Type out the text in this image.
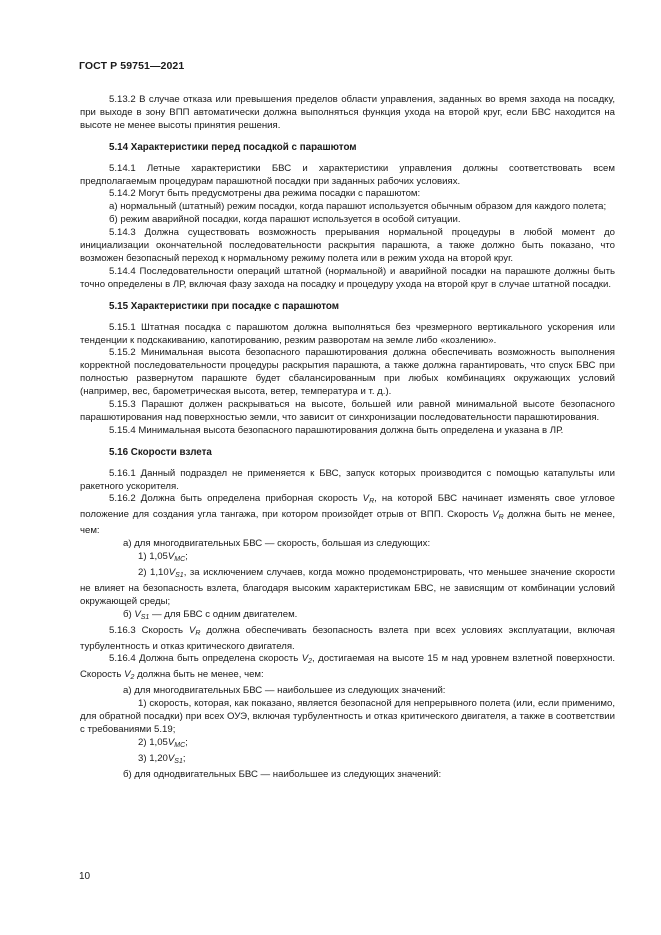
ГОСТ Р 59751—2021

5.13.2 В случае отказа или превышения пределов области управления, заданных во время захода на посадку, при выходе в зону ВПП автоматически должна выполняться функция ухода на второй круг, если БВС находится на высоте не менее высоты принятия решения.

5.14 Характеристики перед посадкой с парашютом

5.14.1 Летные характеристики БВС и характеристики управления должны соответствовать всем предполагаемым процедурам парашютной посадки при заданных рабочих условиях.

5.14.2 Могут быть предусмотрены два режима посадки с парашютом:

а) нормальный (штатный) режим посадки, когда парашют используется обычным образом для каждого полета;

б) режим аварийной посадки, когда парашют используется в особой ситуации.

5.14.3 Должна существовать возможность прерывания нормальной процедуры в любой момент до инициализации окончательной последовательности раскрытия парашюта, а также должно быть показано, что возможен безопасный переход к нормальному режиму полета или в режим ухода на второй круг.

5.14.4 Последовательности операций штатной (нормальной) и аварийной посадки на парашюте должны быть точно определены в ЛР, включая фазу захода на посадку и процедуру ухода на второй круг в случае штатной посадки.

5.15 Характеристики при посадке с парашютом

5.15.1 Штатная посадка с парашютом должна выполняться без чрезмерного вертикального ускорения или тенденции к подскакиванию, капотированию, резким разворотам на земле либо «козлению».

5.15.2 Минимальная высота безопасного парашютирования должна обеспечивать возможность выполнения корректной последовательности процедуры раскрытия парашюта, а также должна гарантировать, что спуск БВС при полностью развернутом парашюте будет сбалансированным при любых комбинациях окружающих условий (например, вес, барометрическая высота, ветер, температура и т. д.).

5.15.3 Парашют должен раскрываться на высоте, большей или равной минимальной высоте безопасного парашютирования над поверхностью земли, что зависит от синхронизации последовательности парашютирования.

5.15.4 Минимальная высота безопасного парашютирования должна быть определена и указана в ЛР.

5.16 Скорости взлета

5.16.1 Данный подраздел не применяется к БВС, запуск которых производится с помощью катапульты или ракетного ускорителя.

5.16.2 Должна быть определена приборная скорость $V_R$, на которой БВС начинает изменять свое угловое положение для создания угла тангажа, при котором произойдет отрыв от ВПП. Скорость $V_R$ должна быть не менее, чем:

а) для многодвигательных БВС — скорость, большая из следующих:

1) $1,05V_{MC}$;

2) $1,10V_{S1}$, за исключением случаев, когда можно продемонстрировать, что меньшее значение скорости не влияет на безопасность взлета, благодаря высоким характеристикам БВС, не зависящим от комбинации условий окружающей среды;

б) $V_{S1}$ — для БВС с одним двигателем.

5.16.3 Скорость $V_R$ должна обеспечивать безопасность взлета при всех условиях эксплуатации, включая турбулентность и отказ критического двигателя.

5.16.4 Должна быть определена скорость $V_2$, достигаемая на высоте 15 м над уровнем взлетной поверхности. Скорость $V_2$ должна быть не менее, чем:

а) для многодвигательных БВС — наибольшее из следующих значений:

1) скорость, которая, как показано, является безопасной для непрерывного полета (или, если применимо, для обратной посадки) при всех ОУЭ, включая турбулентность и отказ критического двигателя, а также в соответствии с требованиями 5.19;

2) $1,05V_{MC}$;

3) $1,20V_{S1}$;

б) для однодвигательных БВС — наибольшее из следующих значений:

10
